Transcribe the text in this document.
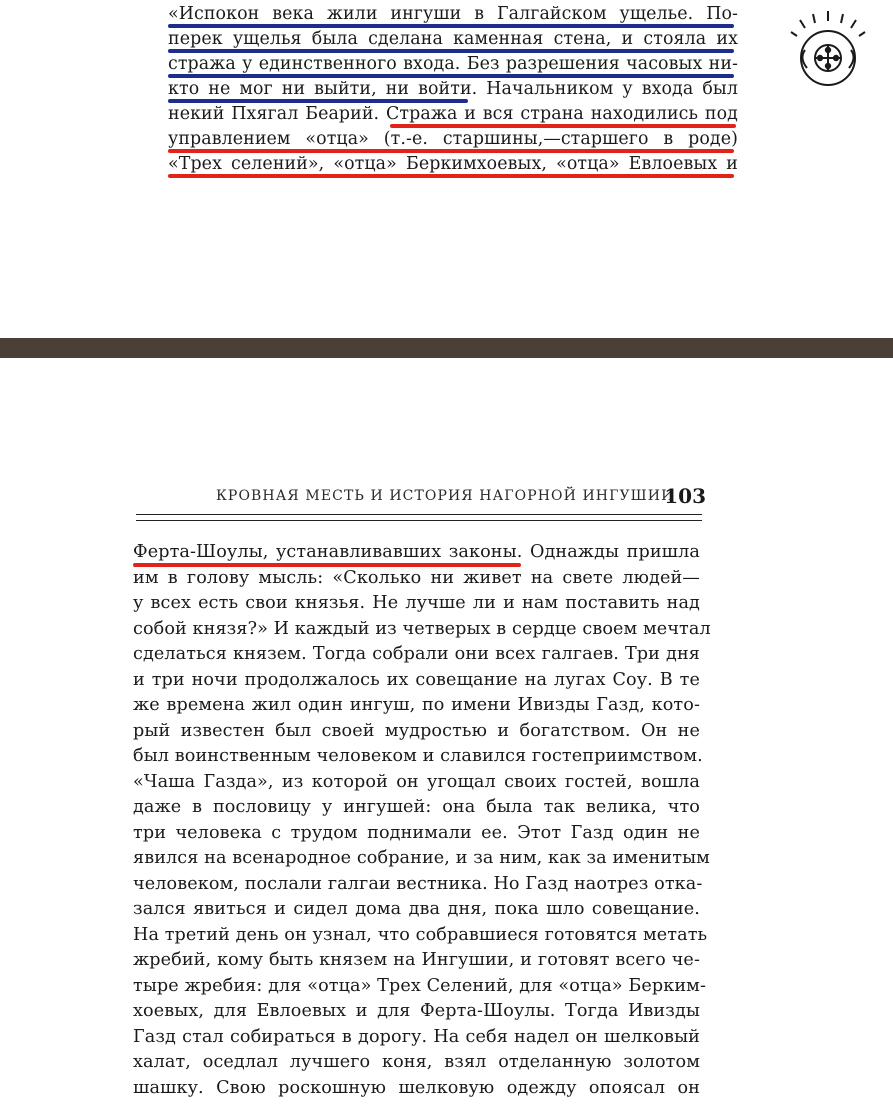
«Испокон века жили ингуши в Галгайском ущелье. По-
перек ущелья была сделана каменная стена, и стояла их
стража у единственного входа. Без разрешения часовых ни-
кто не мог ни выйти, ни войти. Начальником у входа был
некий Пхягал Беарий. Стража и вся страна находились под
управлением «отца» (т.-е. старшины,—старшего в роде)
«Трех селений», «отца» Беркимхоевых, «отца» Евлоевых и
КРОВНАЯ МЕСТЬ И ИСТОРИЯ НАГОРНОЙ ИНГУШИИ
103
Ферта-Шоулы, устанавливавших законы. Однажды пришла
им в голову мысль: «Сколько ни живет на свете людей—
у всех есть свои князья. Не лучше ли и нам поставить над
собой князя?» И каждый из четверых в сердце своем мечтал
сделаться князем. Тогда собрали они всех галгаев. Три дня
и три ночи продолжалось их совещание на лугах Соу. В те
же времена жил один ингуш, по имени Ивизды Газд, кото-
рый известен был своей мудростью и богатством. Он не
был воинственным человеком и славился гостеприимством.
«Чаша Газда», из которой он угощал своих гостей, вошла
даже в пословицу у ингушей: она была так велика, что
три человека с трудом поднимали ее. Этот Газд один не
явился на всенародное собрание, и за ним, как за именитым
человеком, послали галгаи вестника. Но Газд наотрез отка-
зался явиться и сидел дома два дня, пока шло совещание.
На третий день он узнал, что собравшиеся готовятся метать
жребий, кому быть князем на Ингушии, и готовят всего че-
тыре жребия: для «отца» Трех Селений, для «отца» Берким-
хоевых, для Евлоевых и для Ферта-Шоулы. Тогда Ивизды
Газд стал собираться в дорогу. На себя надел он шелковый
халат, оседлал лучшего коня, взял отделанную золотом
шашку. Свою роскошную шелковую одежду опоясал он
